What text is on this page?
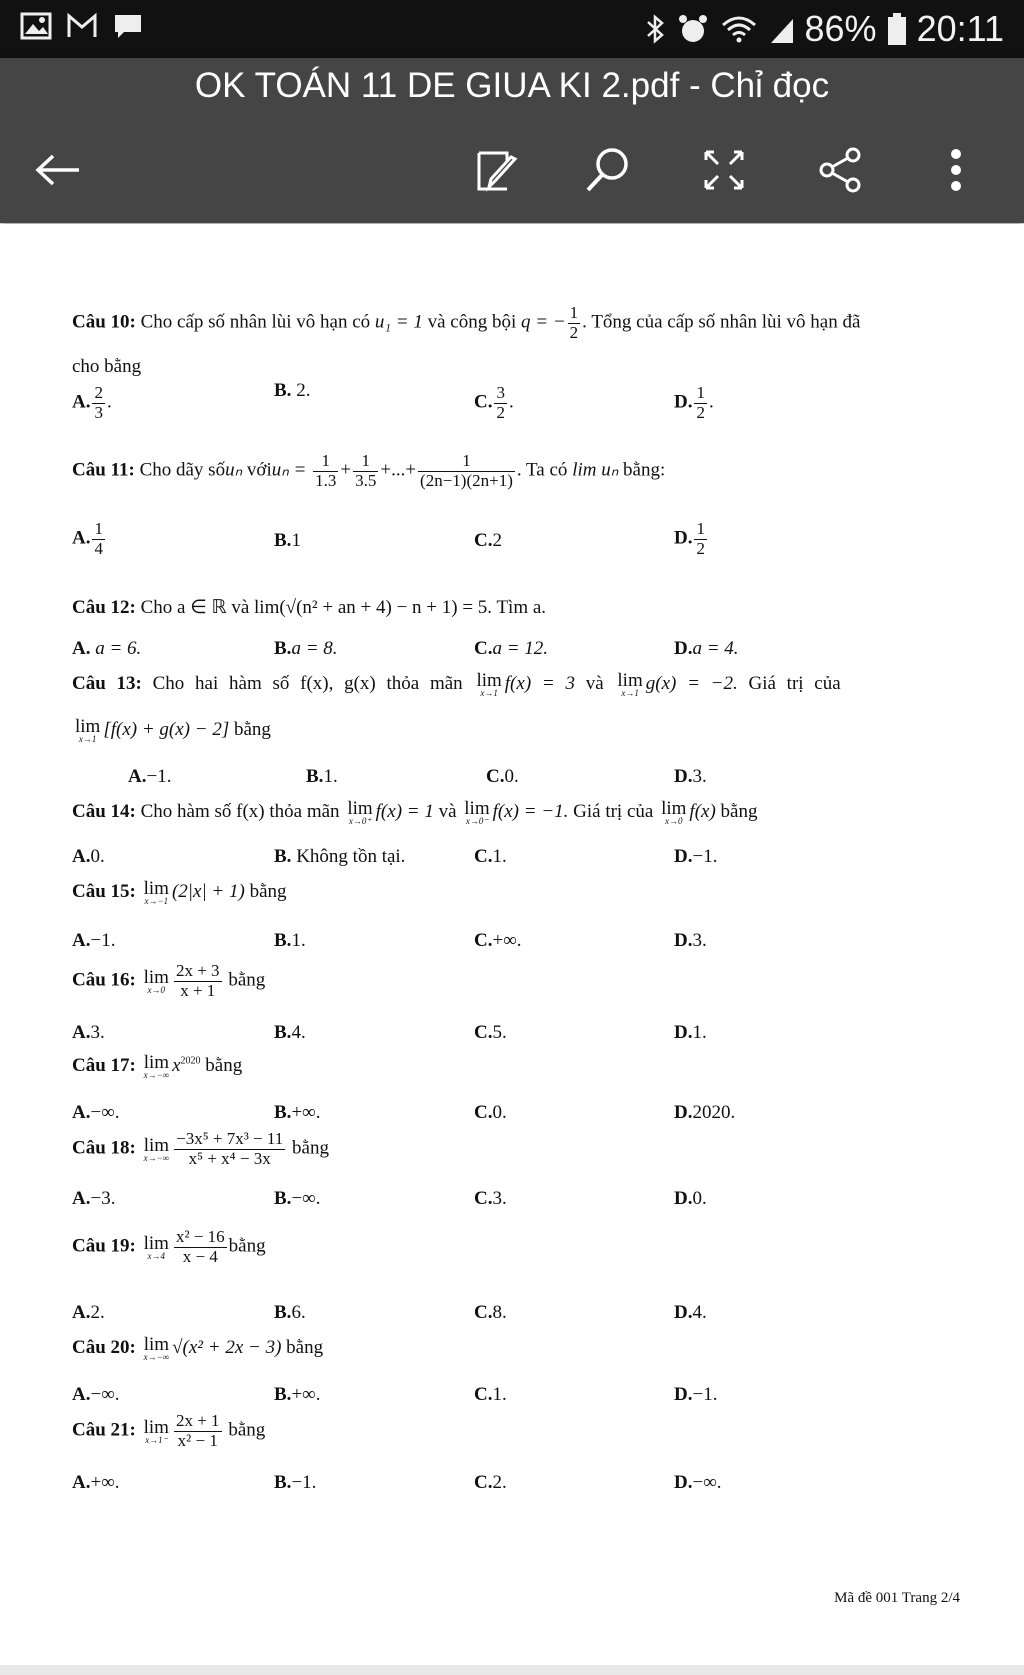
86% 20:11
OK TOÁN 11 DE GIUA KI 2.pdf - Chỉ đọc
Câu 10: Cho cấp số nhân lùi vô hạn có u₁ = 1 và công bội q = − $\frac{1}{2}$ . Tổng của cấp số nhân lùi vô hạn đã
cho bằng
A. $\frac{2}{3}$ .
B. 2.
C. $\frac{3}{2}$ .	D. $\frac{1}{2}$ .
Câu 11: Cho dãy sốuₙ vớiuₙ = $\frac{1}{1.3} + \frac{1}{3.5}$ +...+ $\frac{1}{(2n-1)(2n+1)}$ . Ta có lim uₙ bằng:
A. $\frac{1}{4}$	B.1	C.2	D. $\frac{1}{2}$
Câu 12: Cho a ∈ ℝ và lim(√(n² + an + 4) − n + 1) = 5. Tìm a.
A. a = 6.	B.a = 8.	C.a = 12.	D.a = 4.
Câu 13: Cho hai hàm số f(x), g(x) thỏa mãn lim
x→1 f(x) = 3 và lim
x→1 g(x) = −2. Giá trị của
lim
x→1 [f(x) + g(x) − 2] bằng
A.−1.	B.1.	C.0.	D.3.
Câu 14: Cho hàm số f(x) thỏa mãn lim
x→0⁺ f(x) = 1 và lim
x→0⁻ f(x) = −1. Giá trị của lim
x→0 f(x) bằng
A.0.	B. Không tồn tại.	C.1.	D.−1.
Câu 15: lim
x→−1 (2|x| + 1) bằng
A.−1.	B.1.	C.+∞.	D.3.
Câu 16: lim
$x\to 0 \frac{2x + 3}{x + 1}$ bằng
A.3.	B.4.	C.5.	D.1.
Câu 17: lim
x→−∞ $x^{2020}$ bằng
A.−∞.	B.+∞.	C.0.	D.2020.
Câu 18: lim
$x\to-\infty \frac{\text{−3x⁵ + 7x³ − 11}}{\text{x⁵ + x⁴ − 3x}}$ bằng
A.−3.	B.−∞.	C.3.	D.0.
Câu 19: lim
$x\to 4 \frac{\text{x² − 16}}{x - 4}$ bằng
A.2.	B.6.	C.8.	D.4.
Câu 20: lim
x→−∞ √(x² + 2x − 3) bằng
A.−∞.	B.+∞.	C.1.	D.−1.
Câu 21: lim
$x\to 1^- \frac{2x + 1}{\text{x² − 1}}$ bằng
A.+∞.	B.−1.	C.2.	D.−∞.
Mã đề 001 Trang 2/4
